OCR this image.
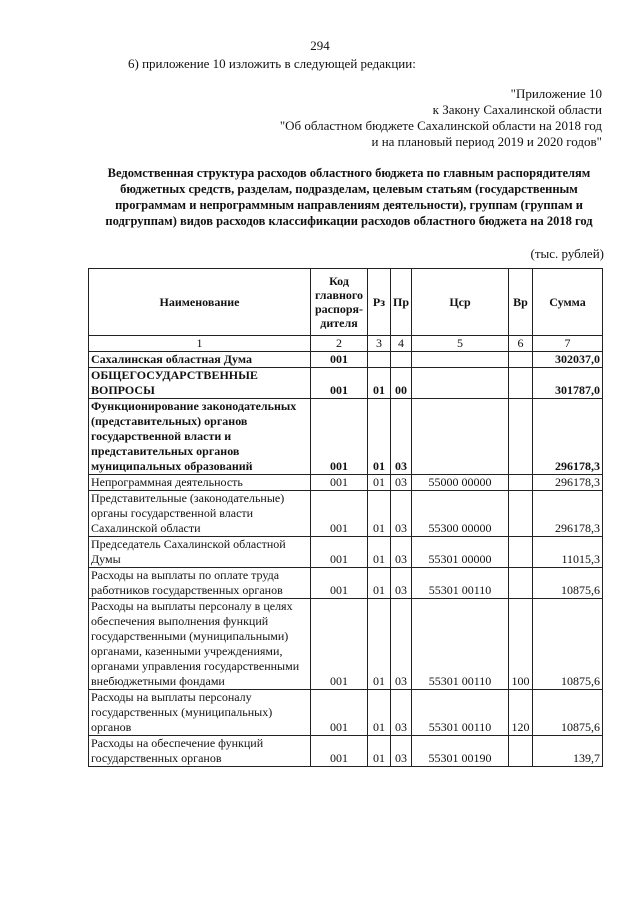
294
6) приложение 10 изложить в следующей редакции:
"Приложение 10
к Закону Сахалинской области
"Об областном бюджете Сахалинской области на 2018 год
и на плановый период 2019 и 2020 годов"
Ведомственная структура расходов областного бюджета по главным распорядителям
бюджетных средств, разделам, подразделам, целевым статьям (государственным
программам и непрограммным направлениям деятельности), группам (группам и
подгруппам) видов расходов классификации расходов областного бюджета на 2018 год
(тыс. рублей)
Наименование	Код главного распоря-дителя	Рз	Пр	Цср	Вр	Сумма
1	2	3	4	5	6	7
Сахалинская областная Дума	001					302037,0
ОБЩЕГОСУДАРСТВЕННЫЕ ВОПРОСЫ	001	01	00			301787,0
Функционирование законодательных (представительных) органов государственной власти и представительных органов муниципальных образований	001	01	03			296178,3
Непрограммная деятельность	001	01	03	55000 00000		296178,3
Представительные (законодательные) органы государственной власти Сахалинской области	001	01	03	55300 00000		296178,3
Председатель Сахалинской областной Думы	001	01	03	55301 00000		11015,3
Расходы на выплаты по оплате труда работников государственных органов	001	01	03	55301 00110		10875,6
Расходы на выплаты персоналу в целях обеспечения выполнения функций государственными (муниципальными) органами, казенными учреждениями, органами управления государственными внебюджетными фондами	001	01	03	55301 00110	100	10875,6
Расходы на выплаты персоналу государственных (муниципальных) органов	001	01	03	55301 00110	120	10875,6
Расходы на обеспечение функций государственных органов	001	01	03	55301 00190		139,7
